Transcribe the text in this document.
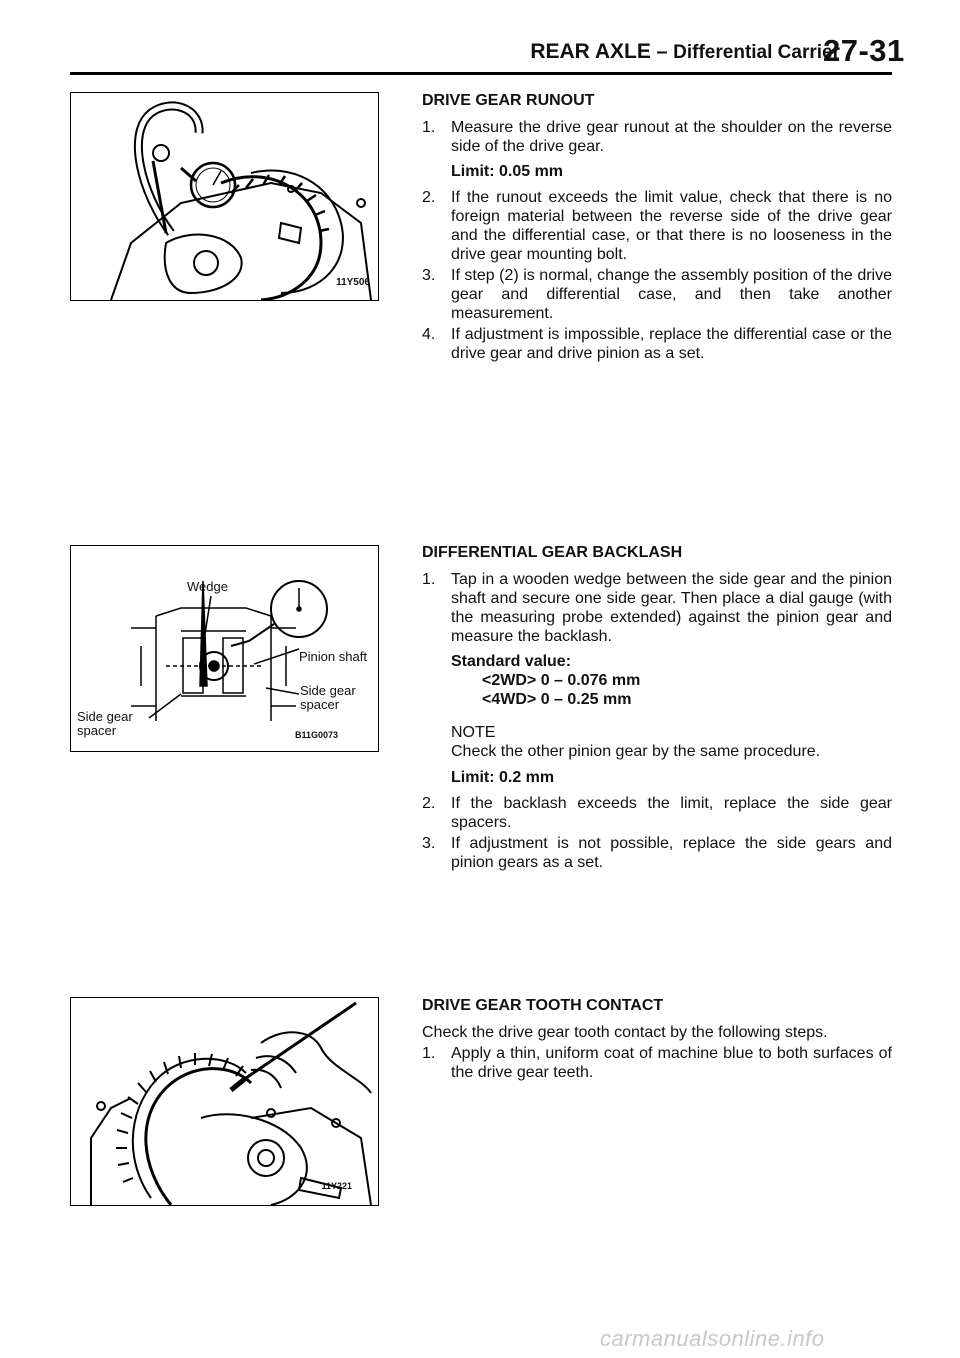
REAR AXLE – Differential Carrier
27-31
11Y506
Wedge
Pinion shaft
Side gear spacer
Side gear spacer	B11G0073
11Y221
DRIVE GEAR RUNOUT
1. Measure the drive gear runout at the shoulder on the reverse side of the drive gear.

Limit: 0.05 mm

2. If the runout exceeds the limit value, check that there is no foreign material between the reverse side of the drive gear and the differential case, or that there is no looseness in the drive gear mounting bolt.
3. If step (2) is normal, change the assembly position of the drive gear and differential case, and then take another measurement.
4. If adjustment is impossible, replace the differential case or the drive gear and drive pinion as a set.
DIFFERENTIAL GEAR BACKLASH
1. Tap in a wooden wedge between the side gear and the pinion shaft and secure one side gear. Then place a dial gauge (with the measuring probe extended) against the pinion gear and measure the backlash.

Standard value:

<2WD> 0 – 0.076 mm

<4WD> 0 – 0.25 mm

NOTE

Check the other pinion gear by the same procedure.

Limit: 0.2 mm

2. If the backlash exceeds the limit, replace the side gear spacers.
3. If adjustment is not possible, replace the side gears and pinion gears as a set.
DRIVE GEAR TOOTH CONTACT

Check the drive gear tooth contact by the following steps.

1. Apply a thin, uniform coat of machine blue to both surfaces of the drive gear teeth.
carmanualsonline.info
